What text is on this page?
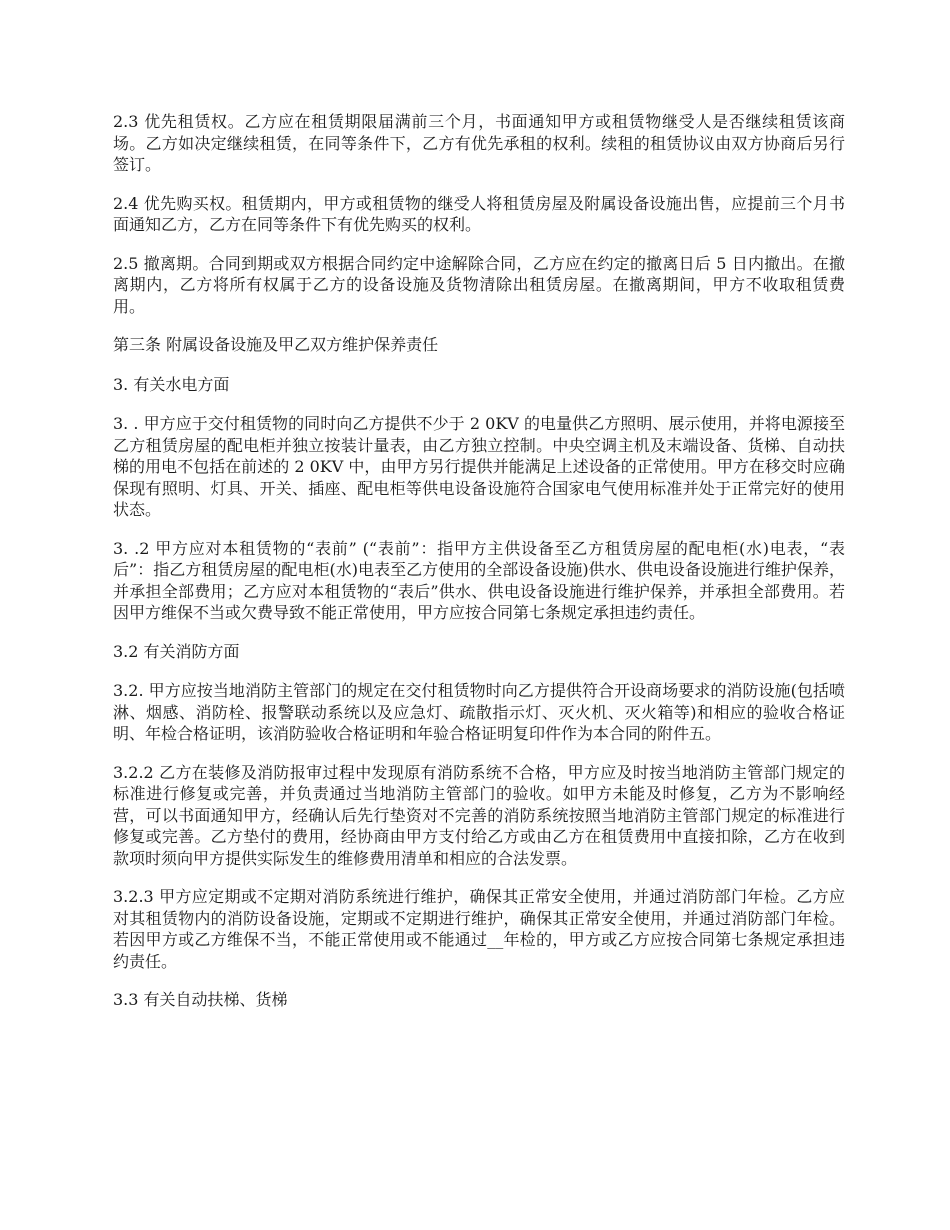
2.3 优先租赁权。乙方应在租赁期限届满前三个月，书面通知甲方或租赁物继受人是否继续租赁该商场。乙方如决定继续租赁，在同等条件下，乙方有优先承租的权利。续租的租赁协议由双方协商后另行签订。

2.4 优先购买权。租赁期内，甲方或租赁物的继受人将租赁房屋及附属设备设施出售，应提前三个月书面通知乙方，乙方在同等条件下有优先购买的权利。

2.5 撤离期。合同到期或双方根据合同约定中途解除合同，乙方应在约定的撤离日后 5 日内撤出。在撤离期内，乙方将所有权属于乙方的设备设施及货物清除出租赁房屋。在撤离期间，甲方不收取租赁费用。

第三条 附属设备设施及甲乙双方维护保养责任

3. 有关水电方面

3. . 甲方应于交付租赁物的同时向乙方提供不少于 2 0KV 的电量供乙方照明、展示使用，并将电源接至乙方租赁房屋的配电柜并独立按装计量表，由乙方独立控制。中央空调主机及末端设备、货梯、自动扶梯的用电不包括在前述的 2 0KV 中，由甲方另行提供并能满足上述设备的正常使用。甲方在移交时应确保现有照明、灯具、开关、插座、配电柜等供电设备设施符合国家电气使用标准并处于正常完好的使用状态。

3. .2 甲方应对本租赁物的“表前” (“表前”：指甲方主供设备至乙方租赁房屋的配电柜(水)电表，“表后”：指乙方租赁房屋的配电柜(水)电表至乙方使用的全部设备设施)供水、供电设备设施进行维护保养，并承担全部费用；乙方应对本租赁物的“表后”供水、供电设备设施进行维护保养，并承担全部费用。若因甲方维保不当或欠费导致不能正常使用，甲方应按合同第七条规定承担违约责任。

3.2 有关消防方面

3.2. 甲方应按当地消防主管部门的规定在交付租赁物时向乙方提供符合开设商场要求的消防设施(包括喷淋、烟感、消防栓、报警联动系统以及应急灯、疏散指示灯、灭火机、灭火箱等)和相应的验收合格证明、年检合格证明，该消防验收合格证明和年验合格证明复印件作为本合同的附件五。

3.2.2 乙方在装修及消防报审过程中发现原有消防系统不合格，甲方应及时按当地消防主管部门规定的标准进行修复或完善，并负责通过当地消防主管部门的验收。如甲方未能及时修复，乙方为不影响经营，可以书面通知甲方，经确认后先行垫资对不完善的消防系统按照当地消防主管部门规定的标准进行修复或完善。乙方垫付的费用，经协商由甲方支付给乙方或由乙方在租赁费用中直接扣除，乙方在收到款项时须向甲方提供实际发生的维修费用清单和相应的合法发票。

3.2.3 甲方应定期或不定期对消防系统进行维护，确保其正常安全使用，并通过消防部门年检。乙方应对其租赁物内的消防设备设施，定期或不定期进行维护，确保其正常安全使用，并通过消防部门年检。若因甲方或乙方维保不当，不能正常使用或不能通过__年检的，甲方或乙方应按合同第七条规定承担违约责任。

3.3 有关自动扶梯、货梯
